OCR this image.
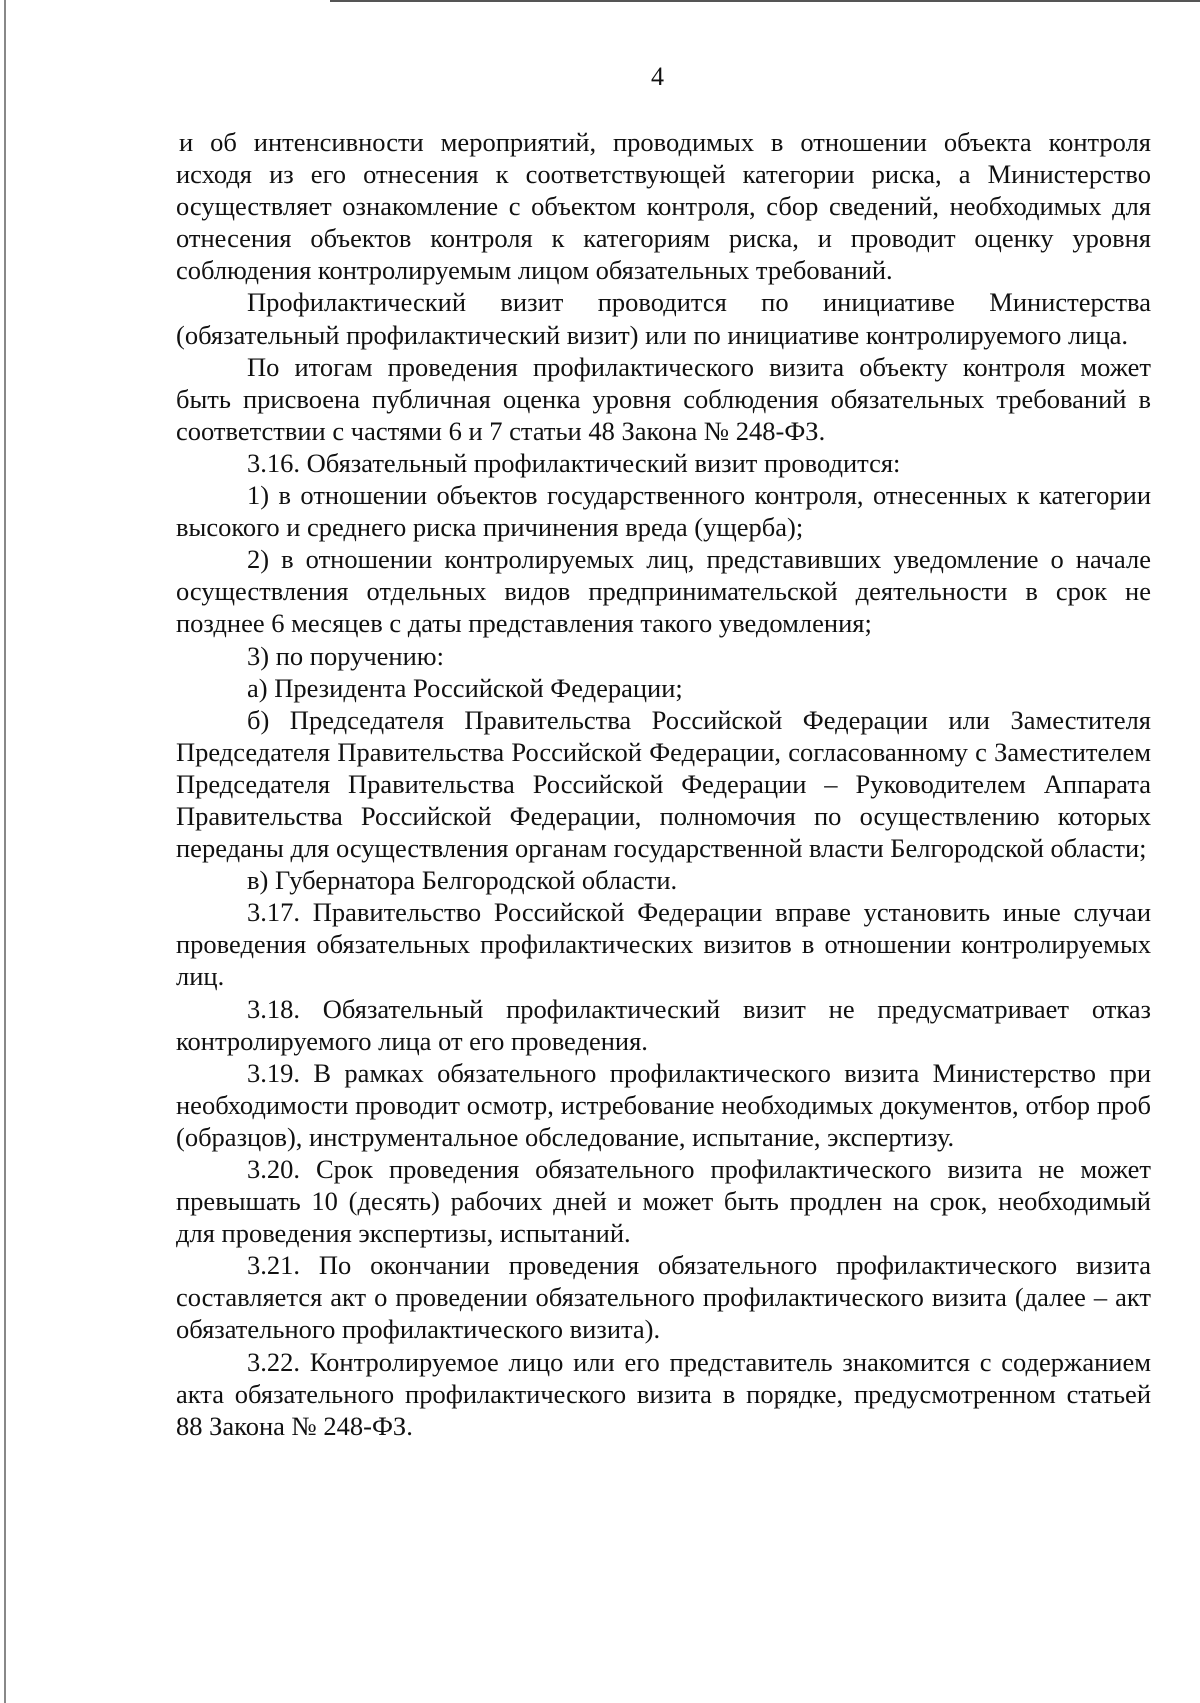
4

и об интенсивности мероприятий, проводимых в отношении объекта контроля исходя из его отнесения к соответствующей категории риска, а Министерство осуществляет ознакомление с объектом контроля, сбор сведений, необходимых для отнесения объектов контроля к категориям риска, и проводит оценку уровня соблюдения контролируемым лицом обязательных требований.

Профилактический визит проводится по инициативе Министерства (обязательный профилактический визит) или по инициативе контролируемого лица.

По итогам проведения профилактического визита объекту контроля может быть присвоена публичная оценка уровня соблюдения обязательных требований в соответствии с частями 6 и 7 статьи 48 Закона № 248-ФЗ.

3.16. Обязательный профилактический визит проводится:

1) в отношении объектов государственного контроля, отнесенных к категории высокого и среднего риска причинения вреда (ущерба);

2) в отношении контролируемых лиц, представивших уведомление о начале осуществления отдельных видов предпринимательской деятельности в срок не позднее 6 месяцев с даты представления такого уведомления;

3) по поручению:

а) Президента Российской Федерации;

б) Председателя Правительства Российской Федерации или Заместителя Председателя Правительства Российской Федерации, согласованному с Заместителем Председателя Правительства Российской Федерации – Руководителем Аппарата Правительства Российской Федерации, полномочия по осуществлению которых переданы для осуществления органам государственной власти Белгородской области;

в) Губернатора Белгородской области.

3.17. Правительство Российской Федерации вправе установить иные случаи проведения обязательных профилактических визитов в отношении контролируемых лиц.

3.18. Обязательный профилактический визит не предусматривает отказ контролируемого лица от его проведения.

3.19. В рамках обязательного профилактического визита Министерство при необходимости проводит осмотр, истребование необходимых документов, отбор проб (образцов), инструментальное обследование, испытание, экспертизу.

3.20. Срок проведения обязательного профилактического визита не может превышать 10 (десять) рабочих дней и может быть продлен на срок, необходимый для проведения экспертизы, испытаний.

3.21. По окончании проведения обязательного профилактического визита составляется акт о проведении обязательного профилактического визита (далее – акт обязательного профилактического визита).

3.22. Контролируемое лицо или его представитель знакомится с содержанием акта обязательного профилактического визита в порядке, предусмотренном статьей 88 Закона № 248-ФЗ.
